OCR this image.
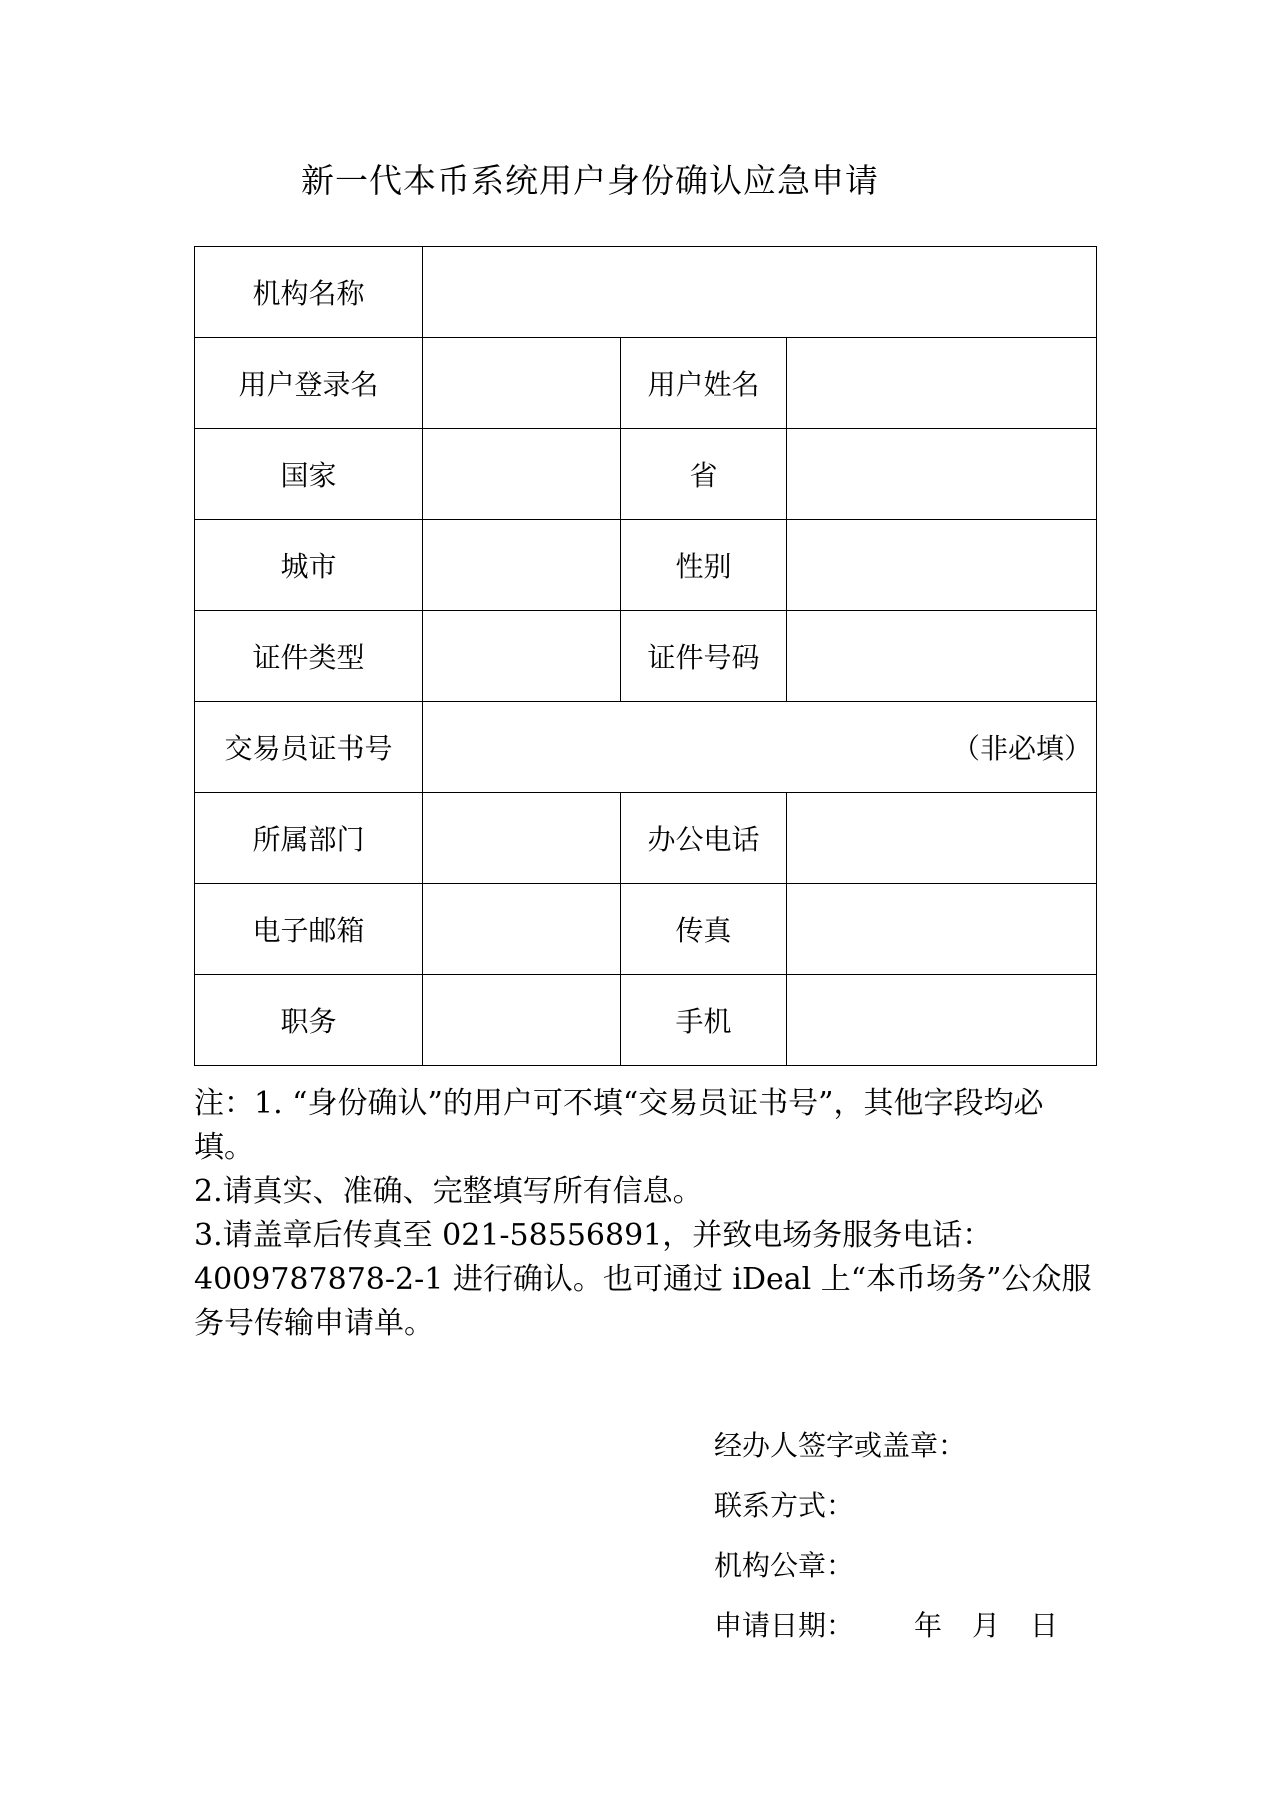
新一代本币系统用户身份确认应急申请
机构名称			
用户登录名		用户姓名	
国家		省	
城市		性别	
证件类型		证件号码	
交易员证书号	（非必填）		
所属部门		办公电话	
电子邮箱		传真	
职务		手机	

注：1. “身份确认”的用户可不填“交易员证书号”，其他字段均必填。

2.请真实、准确、完整填写所有信息。

3.请盖章后传真至 021-58556891，并致电场务服务电话：4009787878-2-1 进行确认。也可通过 iDeal 上“本币场务”公众服务号传输申请单。

经办人签字或盖章：
联系方式：
机构公章：
申请日期： 年 月 日
